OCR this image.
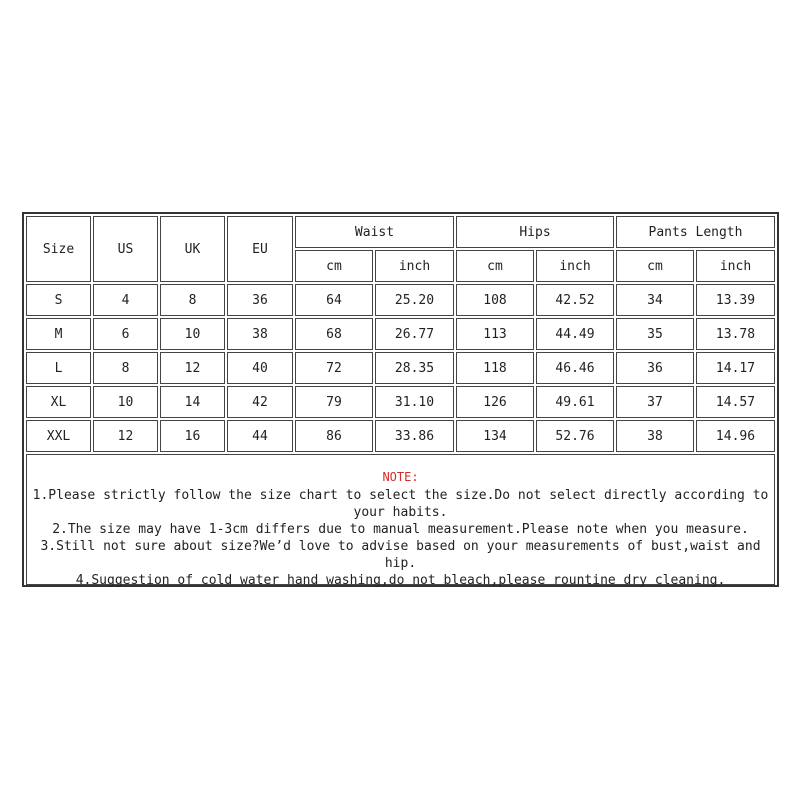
Size	US	UK	EU
Waist	Hips	Pants Length
cm	inch	cm	inch	cm	inch
NOTE:
1.Please strictly follow the size chart to select the size.Do not select directly according to your habits.
2.The size may have 1-3cm differs due to manual measurement.Please note when you measure.
3.Still not sure about size?We’d love to advise based on your measurements of bust,waist and hip.
4.Suggestion of cold water hand washing,do not bleach,please rountine dry cleaning.
S	4	8	36	64	25.20	108	42.52	34	13.39
M	6	10	38	68	26.77	113	44.49	35	13.78
L	8	12	40	72	28.35	118	46.46	36	14.17
XL	10	14	42	79	31.10	126	49.61	37	14.57
XXL	12	16	44	86	33.86	134	52.76	38	14.96
